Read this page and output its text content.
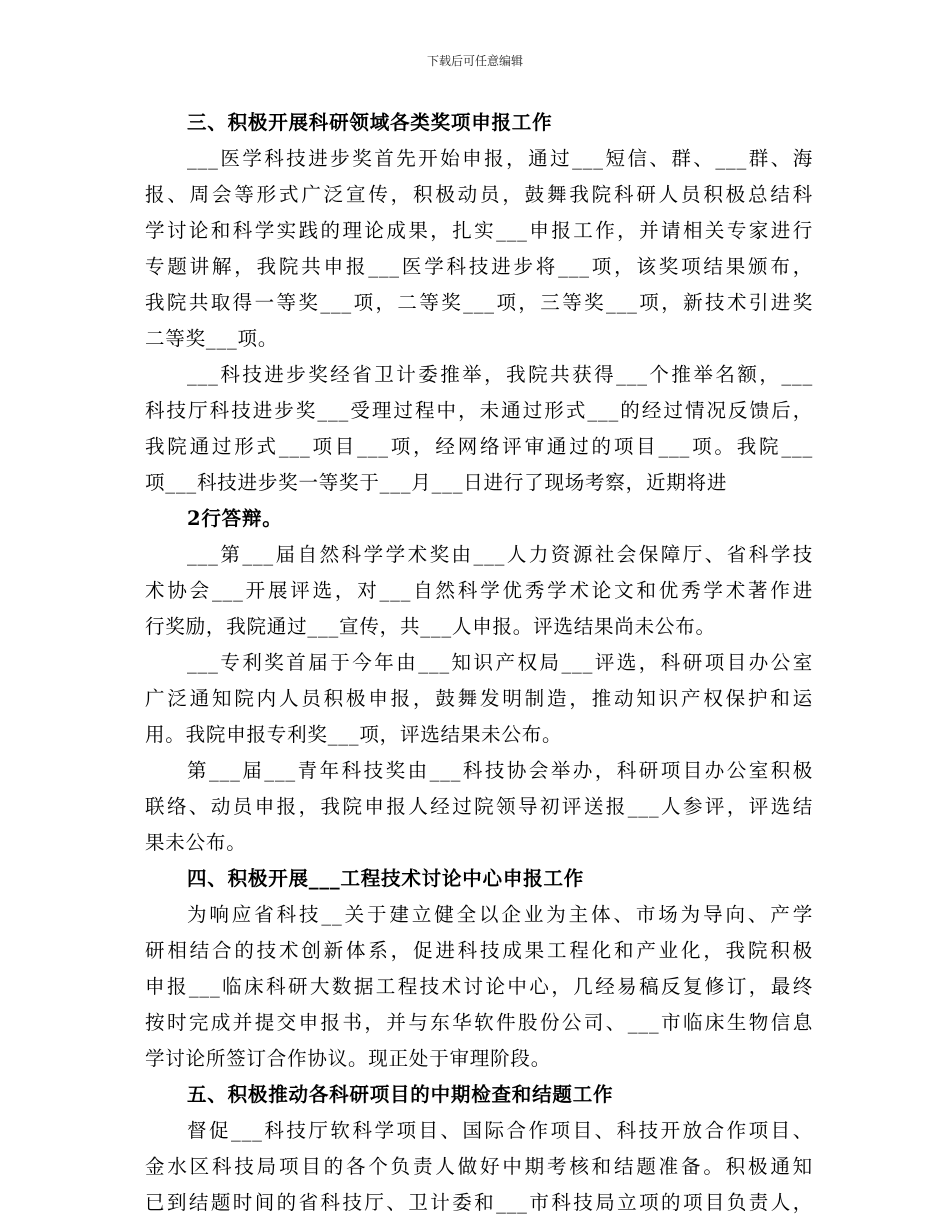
下载后可任意编辑
三、积极开展科研领域各类奖项申报工作
___医学科技进步奖首先开始申报，通过___短信、群、___群、海
报、周会等形式广泛宣传，积极动员，鼓舞我院科研人员积极总结科
学讨论和科学实践的理论成果，扎实___申报工作，并请相关专家进行
专题讲解，我院共申报___医学科技进步将___项，该奖项结果颁布，
我院共取得一等奖___项，二等奖___项，三等奖___项，新技术引进奖
二等奖___项。
___科技进步奖经省卫计委推举，我院共获得___个推举名额，___
科技厅科技进步奖___受理过程中，未通过形式___的经过情况反馈后，
我院通过形式___项目___项，经网络评审通过的项目___项。我院___
项___科技进步奖一等奖于___月___日进行了现场考察，近期将进
2行答辩。
___第___届自然科学学术奖由___人力资源社会保障厅、省科学技
术协会___开展评选，对___自然科学优秀学术论文和优秀学术著作进
行奖励，我院通过___宣传，共___人申报。评选结果尚未公布。
___专利奖首届于今年由___知识产权局___评选，科研项目办公室
广泛通知院内人员积极申报，鼓舞发明制造，推动知识产权保护和运
用。我院申报专利奖___项，评选结果未公布。
第___届___青年科技奖由___科技协会举办，科研项目办公室积极
联络、动员申报，我院申报人经过院领导初评送报___人参评，评选结
果未公布。
四、积极开展___工程技术讨论中心申报工作
为响应省科技__关于建立健全以企业为主体、市场为导向、产学
研相结合的技术创新体系，促进科技成果工程化和产业化，我院积极
申报___临床科研大数据工程技术讨论中心，几经易稿反复修订，最终
按时完成并提交申报书，并与东华软件股份公司、___市临床生物信息
学讨论所签订合作协议。现正处于审理阶段。
五、积极推动各科研项目的中期检查和结题工作
督促___科技厅软科学项目、国际合作项目、科技开放合作项目、
金水区科技局项目的各个负责人做好中期考核和结题准备。积极通知
已到结题时间的省科技厅、卫计委和___市科技局立项的项目负责人，
